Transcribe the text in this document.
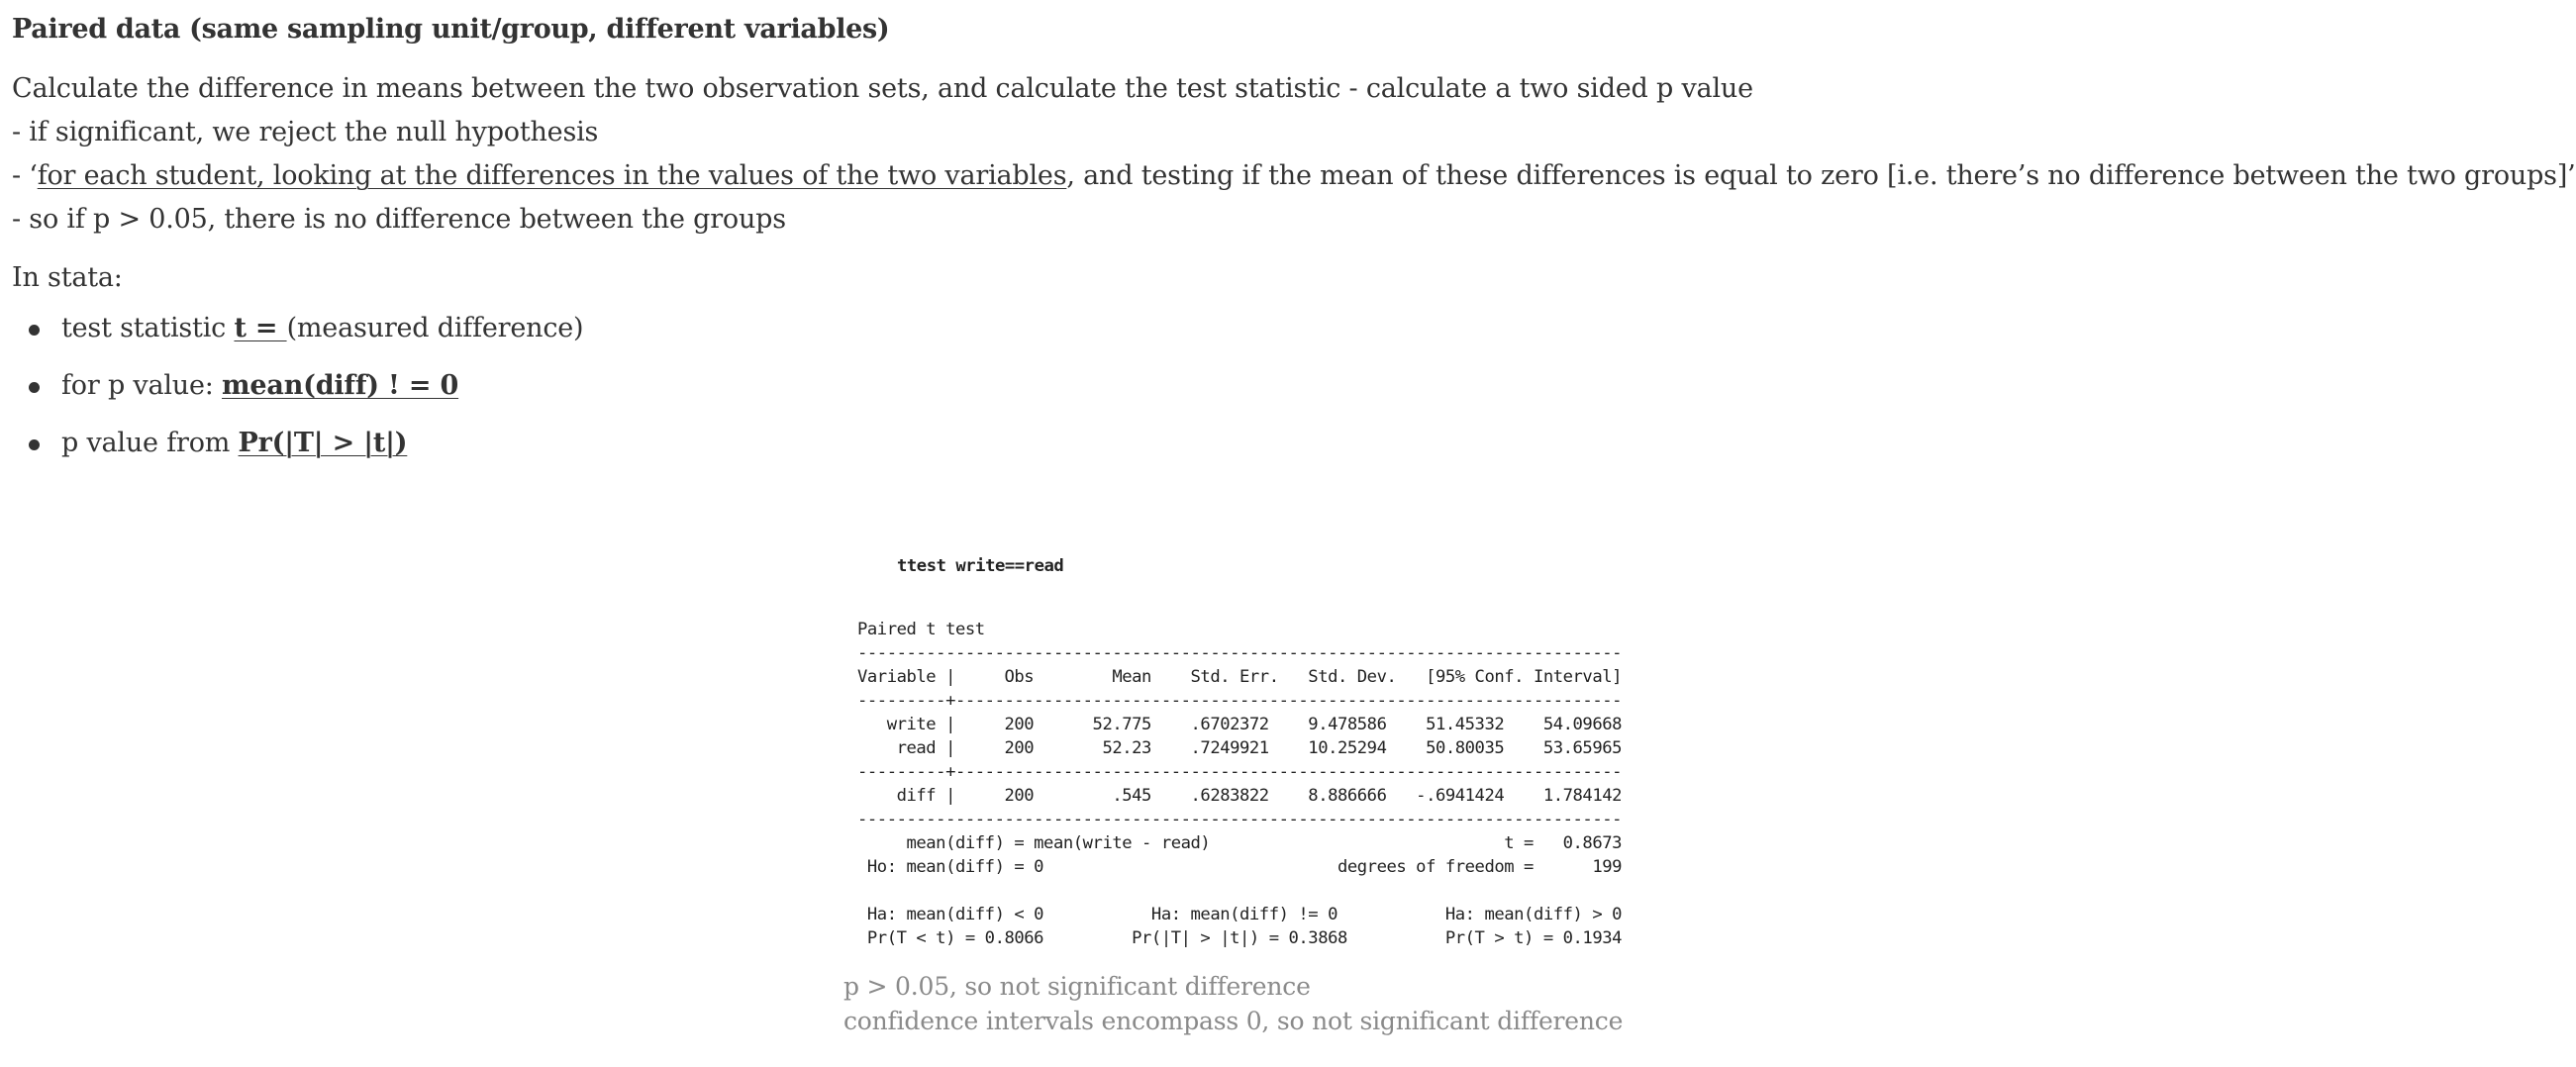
Paired data (same sampling unit/group, different variables)
Calculate the difference in means between the two observation sets, and calculate the test statistic - calculate a two sided p value
- if significant, we reject the null hypothesis
- ‘for each student, looking at the differences in the values of the two variables, and testing if the mean of these differences is equal to zero [i.e. there’s no difference between the two groups]’
- so if p > 0.05, there is no difference between the groups
In stata:
test statistic t = (measured difference)
for p value: mean(diff) ! = 0
p value from Pr(|T| > |t|)
ttest write==read
Paired t test
------------------------------------------------------------------------------
Variable |     Obs        Mean    Std. Err.   Std. Dev.   [95% Conf. Interval]
---------+--------------------------------------------------------------------
write |     200      52.775    .6702372    9.478586    51.45332    54.09668
read |     200       52.23    .7249921    10.25294    50.80035    53.65965
---------+--------------------------------------------------------------------
diff |     200        .545    .6283822    8.886666   -.6941424    1.784142
------------------------------------------------------------------------------
mean(diff) = mean(write - read)                              t =   0.8673
Ho: mean(diff) = 0                              degrees of freedom =      199

Ha: mean(diff) < 0           Ha: mean(diff) != 0           Ha: mean(diff) > 0
Pr(T < t) = 0.8066         Pr(|T| > |t|) = 0.3868          Pr(T > t) = 0.1934

p > 0.05, so not significant difference
confidence intervals encompass 0, so not significant difference
